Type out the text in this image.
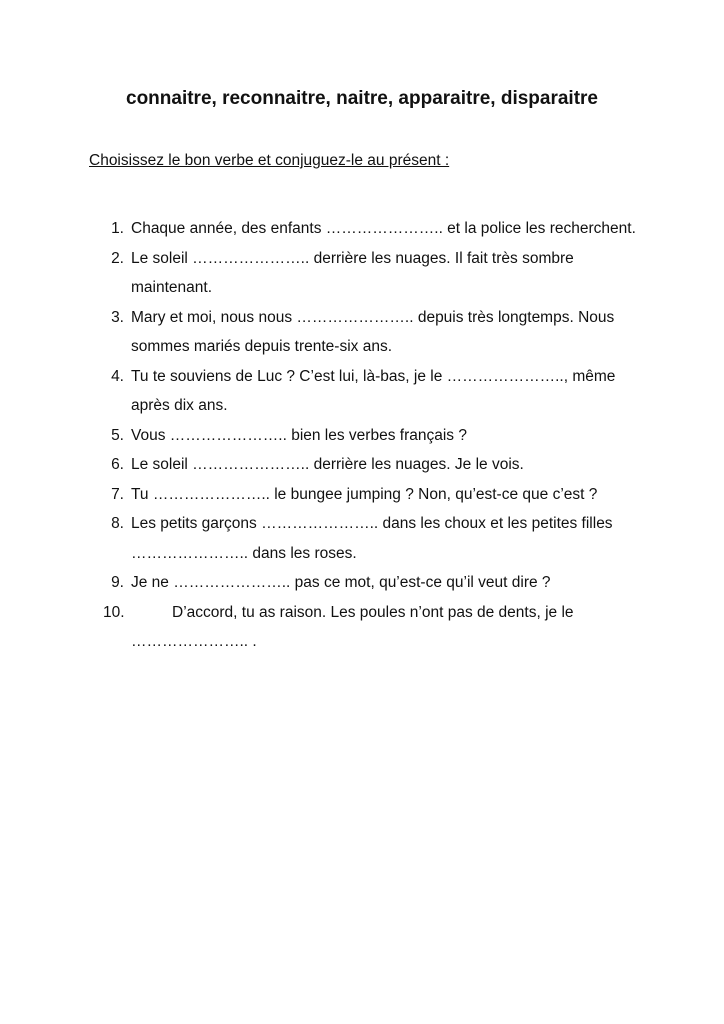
connaitre, reconnaitre, naitre, apparaitre, disparaitre

Choisissez le bon verbe et conjuguez-le au présent :

1. Chaque année, des enfants ………………….. et la police les recherchent.
2. Le soleil ………………….. derrière les nuages. Il fait très sombre maintenant.
3. Mary et moi, nous nous ………………….. depuis très longtemps. Nous sommes mariés depuis trente-six ans.
4. Tu te souviens de Luc ? C’est lui, là-bas, je le ………………….., même après dix ans.
5. Vous ………………….. bien les verbes français ?
6. Le soleil ………………….. derrière les nuages. Je le vois.
7. Tu ………………….. le bungee jumping ? Non, qu’est-ce que c’est ?
8. Les petits garçons ………………….. dans les choux et les petites filles ………………….. dans les roses.
9. Je ne ………………….. pas ce mot, qu’est-ce qu’il veut dire ?
10.	D’accord, tu as raison. Les poules n’ont pas de dents, je le ………………….. .
